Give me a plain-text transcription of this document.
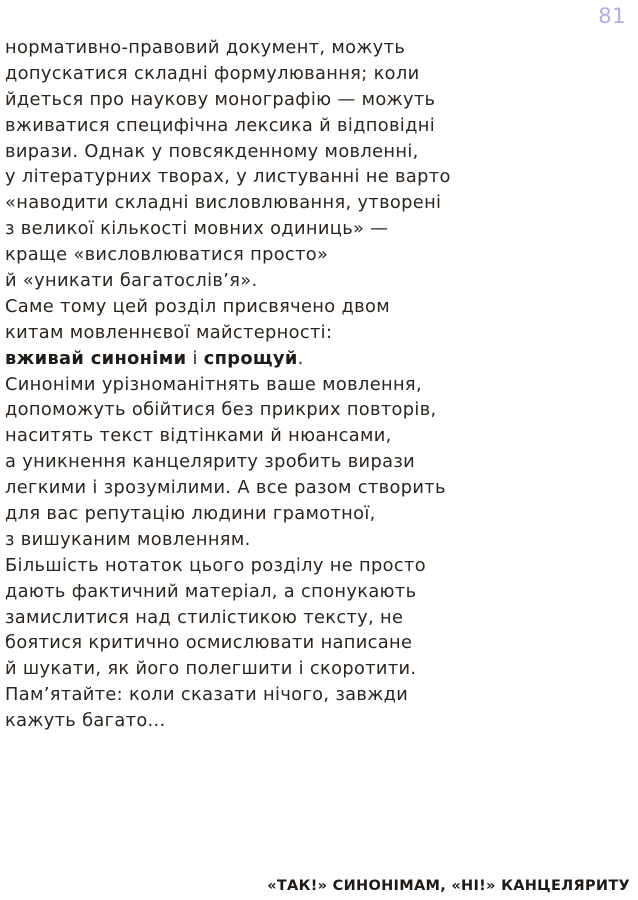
81
нормативно-правовий документ, можуть
допускатися складні формулювання; коли
йдеться про наукову монографію — можуть
вживатися специфічна лексика й відповідні
вирази. Однак у повсякденному мовленні,
у літературних творах, у листуванні не варто
«наводити складні висловлювання, утворені
з великої кількості мовних одиниць» —
краще «висловлюватися просто»
й «уникати багатослів’я».
Саме тому цей розділ присвячено двом
китам мовленнєвої майстерності:
вживай синоніми і спрощуй.
Синоніми урізноманітнять ваше мовлення,
допоможуть обійтися без прикрих повторів,
наситять текст відтінками й нюансами,
а уникнення канцеляриту зробить вирази
легкими і зрозумілими. А все разом створить
для вас репутацію людини грамотної,
з вишуканим мовленням.
Більшість нотаток цього розділу не просто
дають фактичний матеріал, а спонукають
замислитися над стилістикою тексту, не
боятися критично осмислювати написане
й шукати, як його полегшити і скоротити.
Пам’ятайте: коли сказати нічого, завжди
кажуть багато...
«ТАК!» СИНОНІМАМ, «НІ!» КАНЦЕЛЯРИТУ
